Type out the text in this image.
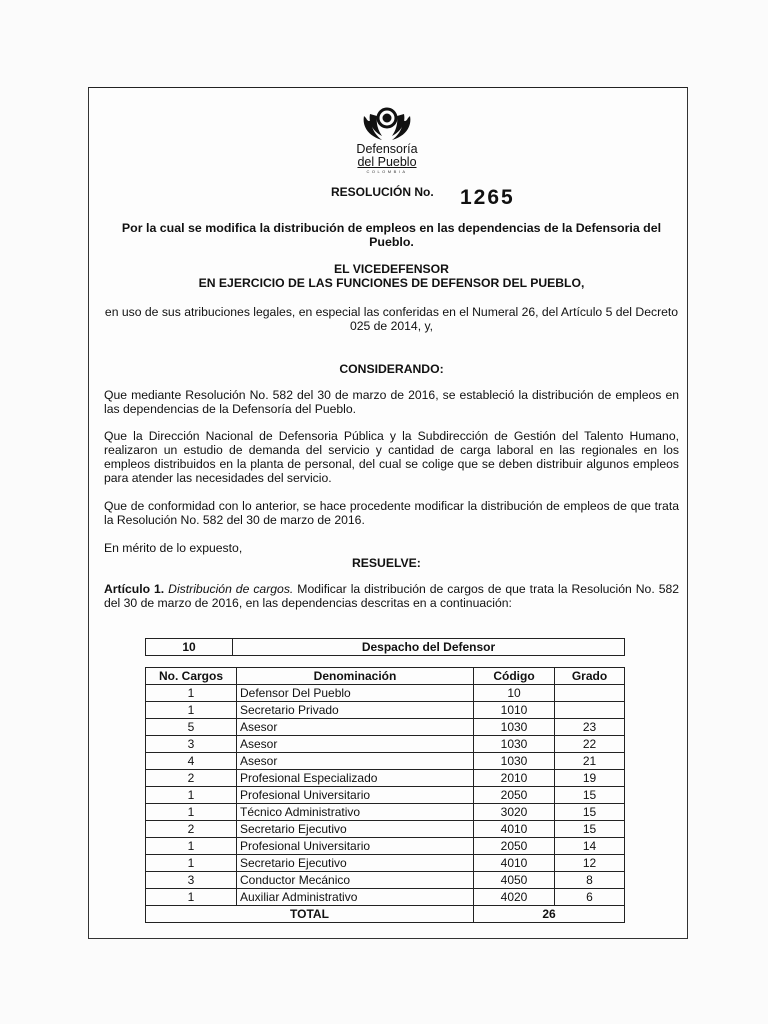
Defensoría
del Pueblo
COLOMBIA
RESOLUCIÓN No. 1265
Por la cual se modifica la distribución de empleos en las dependencias de la Defensoria del Pueblo.
EL VICEDEFENSOR
EN EJERCICIO DE LAS FUNCIONES DE DEFENSOR DEL PUEBLO,
en uso de sus atribuciones legales, en especial las conferidas en el Numeral 26, del Artículo 5 del Decreto 025 de 2014, y,
CONSIDERANDO:
Que mediante Resolución No. 582 del 30 de marzo de 2016, se estableció la distribución de empleos en las dependencias de la Defensoría del Pueblo.
Que la Dirección Nacional de Defensoria Pública y la Subdirección de Gestión del Talento Humano, realizaron un estudio de demanda del servicio y cantidad de carga laboral en las regionales en los empleos distribuidos en la planta de personal, del cual se colige que se deben distribuir algunos empleos para atender las necesidades del servicio.
Que de conformidad con lo anterior, se hace procedente modificar la distribución de empleos de que trata la Resolución No. 582 del 30 de marzo de 2016.
En mérito de lo expuesto,
RESUELVE:
Artículo 1. Distribución de cargos. Modificar la distribución de cargos de que trata la Resolución No. 582 del 30 de marzo de 2016, en las dependencias descritas en a continuación:
10	Despacho del Defensor
No. Cargos	Denominación	Código	Grado
1	Defensor Del Pueblo	10	
1	Secretario Privado	1010	
5	Asesor	1030	23
3	Asesor	1030	22
4	Asesor	1030	21
2	Profesional Especializado	2010	19
1	Profesional Universitario	2050	15
1	Técnico Administrativo	3020	15
2	Secretario Ejecutivo	4010	15
1	Profesional Universitario	2050	14
1	Secretario Ejecutivo	4010	12
3	Conductor Mecánico	4050	8
1	Auxiliar Administrativo	4020	6
TOTAL		26	
